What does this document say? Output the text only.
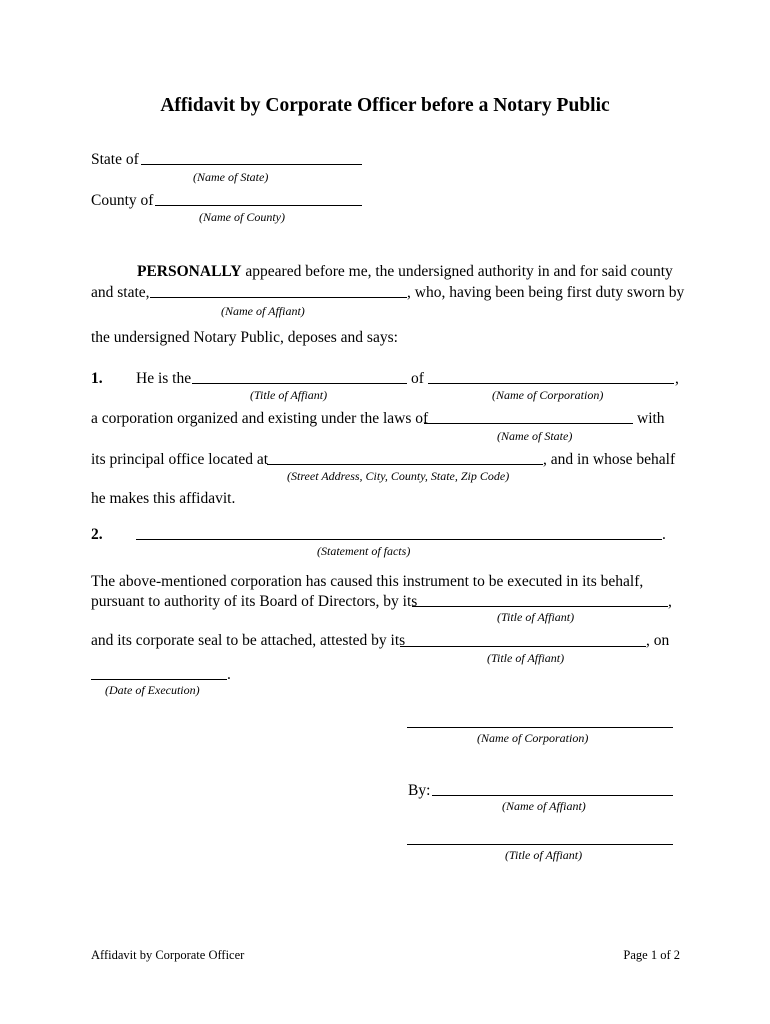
Affidavit by Corporate Officer before a Notary Public
State of
(Name of State)
County of
(Name of County)
PERSONALLY appeared before me, the undersigned authority in and for said county
and state,	, who, having been being first duty sworn by
(Name of Affiant)
the undersigned Notary Public, deposes and says:
1. He is the	of	,
(Title of Affiant)	(Name of Corporation)
a corporation organized and existing under the laws of	with
(Name of State)
its principal office located at	, and in whose behalf
(Street Address, City, County, State, Zip Code)
he makes this affidavit.
2.	.
(Statement of facts)
The above-mentioned corporation has caused this instrument to be executed in its behalf,
pursuant to authority of its Board of Directors, by its	,
(Title of Affiant)
and its corporate seal to be attached, attested by its	, on
(Title of Affiant)
.
(Date of Execution)
(Name of Corporation)
By:
(Name of Affiant)
(Title of Affiant)
Affidavit by Corporate Officer	Page 1 of 2
